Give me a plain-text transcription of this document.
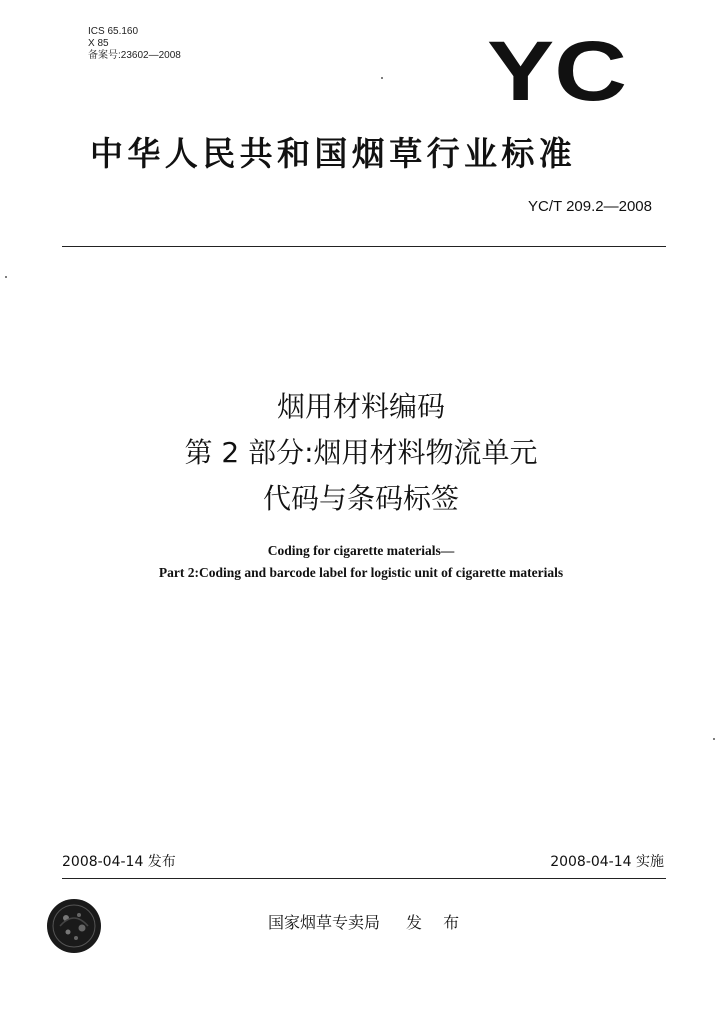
ICS 65.160
X 85
备案号:23602—2008	YC
中华人民共和国烟草行业标准
YC/T 209.2—2008
烟用材料编码
第 2 部分:烟用材料物流单元
代码与条码标签
Coding for cigarette materials—
Part 2:Coding and barcode label for logistic unit of cigarette materials
2008-04-14 发布	2008-04-14 实施
国家烟草专卖局 发 布
